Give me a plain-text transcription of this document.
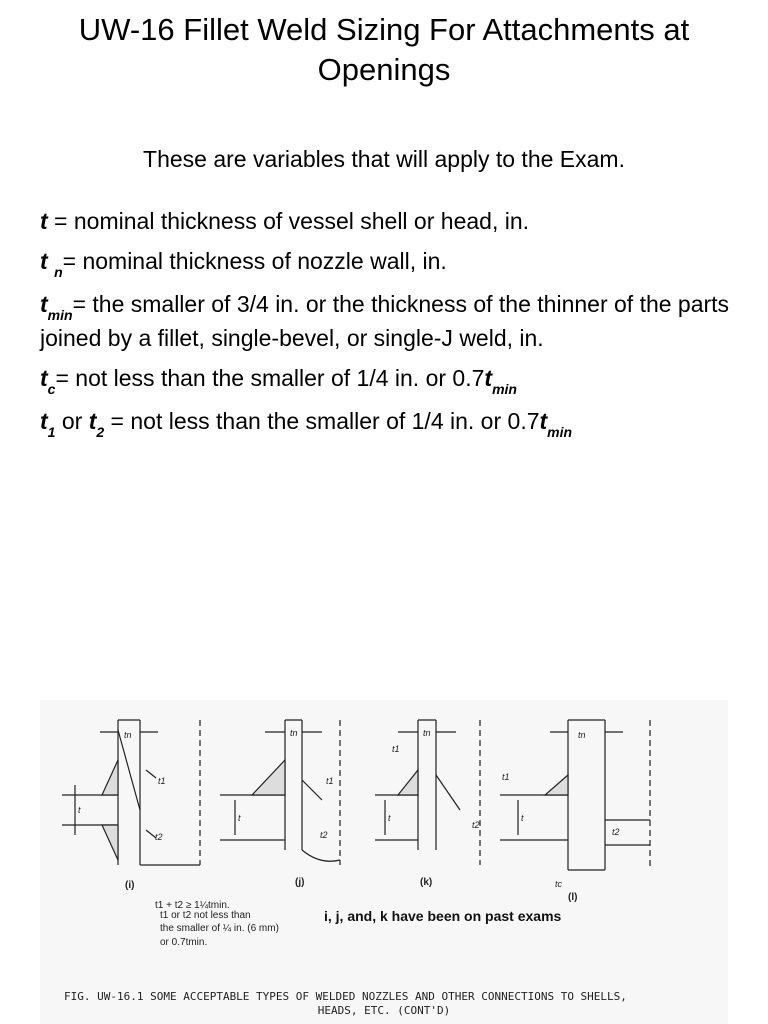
UW-16 Fillet Weld Sizing For Attachments at Openings
These are variables that will apply to the Exam.
t = nominal thickness of vessel shell or head, in.
t $_n$= nominal thickness of nozzle wall, in.
$t_{min}=$ the smaller of 3/4 in. or the thickness of the thinner of the parts joined by a fillet, single-bevel, or single-J weld, in.
$t_c=$ not less than the smaller of 1/4 in. or $0.7t_{min}$
$t_1$ or $t_2$ = not less than the smaller of 1/4 in. or $0.7t_{min}$
tn
t1
t2
t
tn
t1
t2
t
tn
t1
t2
t
tn
t1
t2
t
tc
(i)	(j)	(k)
(l)
t1 + t2 ≥ 1¼tmin.
t1 or t2 not less than
the smaller of ¼ in. (6 mm)
or 0.7tmin.
i, j, and, k have been on past exams
FIG. UW-16.1 SOME ACCEPTABLE TYPES OF WELDED NOZZLES AND OTHER CONNECTIONS TO SHELLS,
HEADS, ETC. (CONT'D)
